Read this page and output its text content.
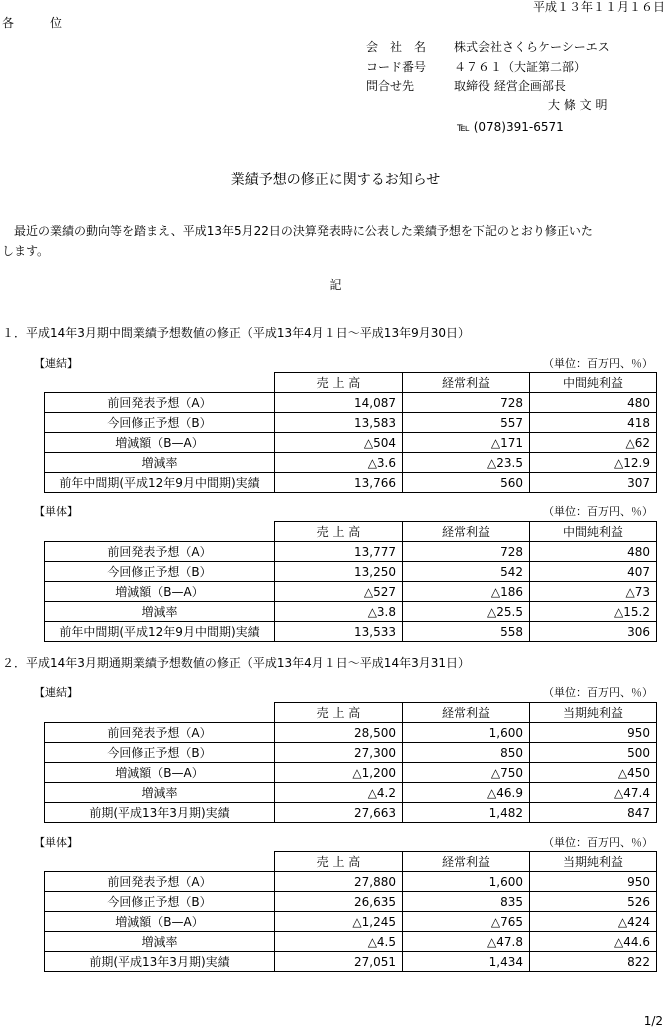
平成１３年１１月１６日
各　　　位
会　社　名 株式会社さくらケーシーエス
コード番号 ４７６１（大証第二部）
問合せ先	取締役 経営企画部長
大 條 文 明
℡ (078)391-6571
業績予想の修正に関するお知らせ
最近の業績の動向等を踏まえ、平成13年5月22日の決算発表時に公表した業績予想を下記のとおり修正いた
します。
記
１．平成14年3月期中間業績予想数値の修正（平成13年4月１日～平成13年9月30日）
【連結】	（単位：百万円、％）
	売 上 高	経常利益	中間純利益
前回発表予想（A）	14,087	728	480
今回修正予想（B）	13,583	557	418
増減額（B—A）	△504	△171	△62
増減率	△3.6	△23.5	△12.9
前年中間期(平成12年9月中間期)実績	13,766	560	307
【単体】	（単位：百万円、％）
	売 上 高	経常利益	中間純利益
前回発表予想（A）	13,777	728	480
今回修正予想（B）	13,250	542	407
増減額（B—A）	△527	△186	△73
増減率	△3.8	△25.5	△15.2
前年中間期(平成12年9月中間期)実績	13,533	558	306
２．平成14年3月期通期業績予想数値の修正（平成13年4月１日～平成14年3月31日）
【連結】	（単位：百万円、％）
	売 上 高	経常利益	当期純利益
前回発表予想（A）	28,500	1,600	950
今回修正予想（B）	27,300	850	500
増減額（B—A）	△1,200	△750	△450
増減率	△4.2	△46.9	△47.4
前期(平成13年3月期)実績	27,663	1,482	847
【単体】	（単位：百万円、％）
	売 上 高	経常利益	当期純利益
前回発表予想（A）	27,880	1,600	950
今回修正予想（B）	26,635	835	526
増減額（B—A）	△1,245	△765	△424
増減率	△4.5	△47.8	△44.6
前期(平成13年3月期)実績	27,051	1,434	822
1/2
